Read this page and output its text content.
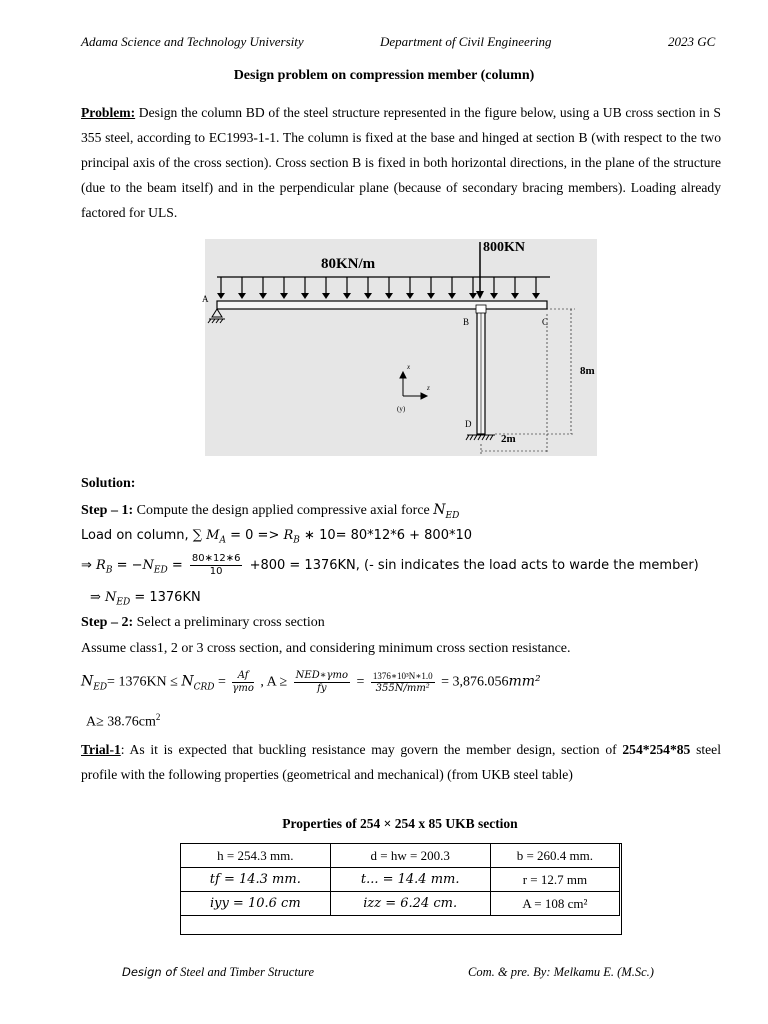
Adama Science and Technology University	Department of Civil Engineering	2023 GC
Design problem on compression member (column)
Problem: Design the column BD of the steel structure represented in the figure below, using a UB cross section in S 355 steel, according to EC1993-1-1. The column is fixed at the base and hinged at section B (with respect to the two principal axis of the cross section). Cross section B is fixed in both horizontal directions, in the plane of the structure (due to the beam itself) and in the perpendicular plane (because of secondary bracing members). Loading already factored for ULS.
80KN/m
800KN
A
B	C
D
8m
2m
x
z
(y)
Solution:
Step – 1: Compute the design applied compressive axial force $N_{ED}$
Load on column, ∑ $M_A = 0 => R_B$ ∗ 10= 80*12*6 + 800*10
⇒ $R_B = -N_{ED} = \frac{80∗12∗6}{10} +800 = 1376KN$, (- sin indicates the load acts to warde the member)
⇒ $N_{ED} = 1376KN$
Step – 2: Select a preliminary cross section
Assume class1, 2 or 3 cross section, and considering minimum cross section resistance.
$N_{ED}= 1376KN \le N_{CRD} = \frac{Af}{\text{γmo}}$ , $A \ge \frac{\text{NED∗γmo}}{fy} = \frac{\text{1376∗10³N∗1.0}}{\text{355N/mm²}} = 3,876.056mm^2$
$A\ge 38.76cm^2$
Trial-1: As it is expected that buckling resistance may govern the member design, section of 254*254*85 steel profile with the following properties (geometrical and mechanical) (from UKB steel table)
Properties of 254 × 254 x 85 UKB section
h = 254.3 mm.	d = hw = 200.3	b = 260.4 mm.
tf = 14.3 mm.	t... = 14.4 mm.	r = 12.7 mm
iyy = 10.6 cm	izz = 6.24 cm.	A = 108 cm²
Design of Steel and Timber Structure	Com. & pre. By: Melkamu E. (M.Sc.)
